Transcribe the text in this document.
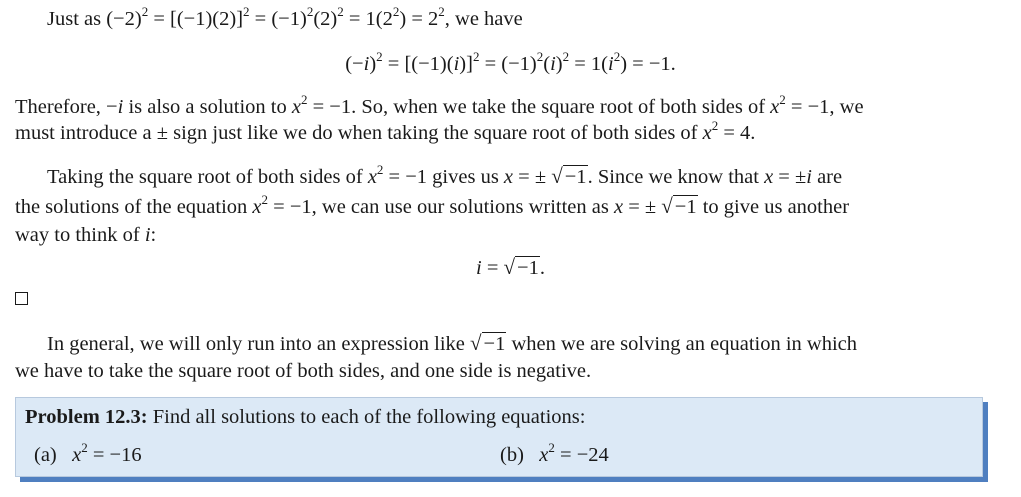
Just as $(-2)^2 = [(-1)(2)]^2 = (-1)^2(2)^2 = 1(2^2) = 2^2$, we have
$(-i)^2 = [(-1)(i)]^2 = (-1)^2(i)^2 = 1(i^2) = -1$.
Therefore, −i is also a solution to $x^2 = -1$. So, when we take the square root of both sides of $x^2 = -1$, we
must introduce a ± sign just like we do when taking the square root of both sides of $x^2 = 4$.
Taking the square root of both sides of $x^2 = -1$ gives us x = ± √−1. Since we know that x = ±i are
the solutions of the equation $x^2 = -1$, we can use our solutions written as x = ± √−1 to give us another
way to think of i:
i = √−1.
In general, we will only run into an expression like √−1 when we are solving an equation in which
we have to take the square root of both sides, and one side is negative.
Problem 12.3: Find all solutions to each of the following equations:
(a) $x^2 = -16$	(b) $x^2 = -24$
